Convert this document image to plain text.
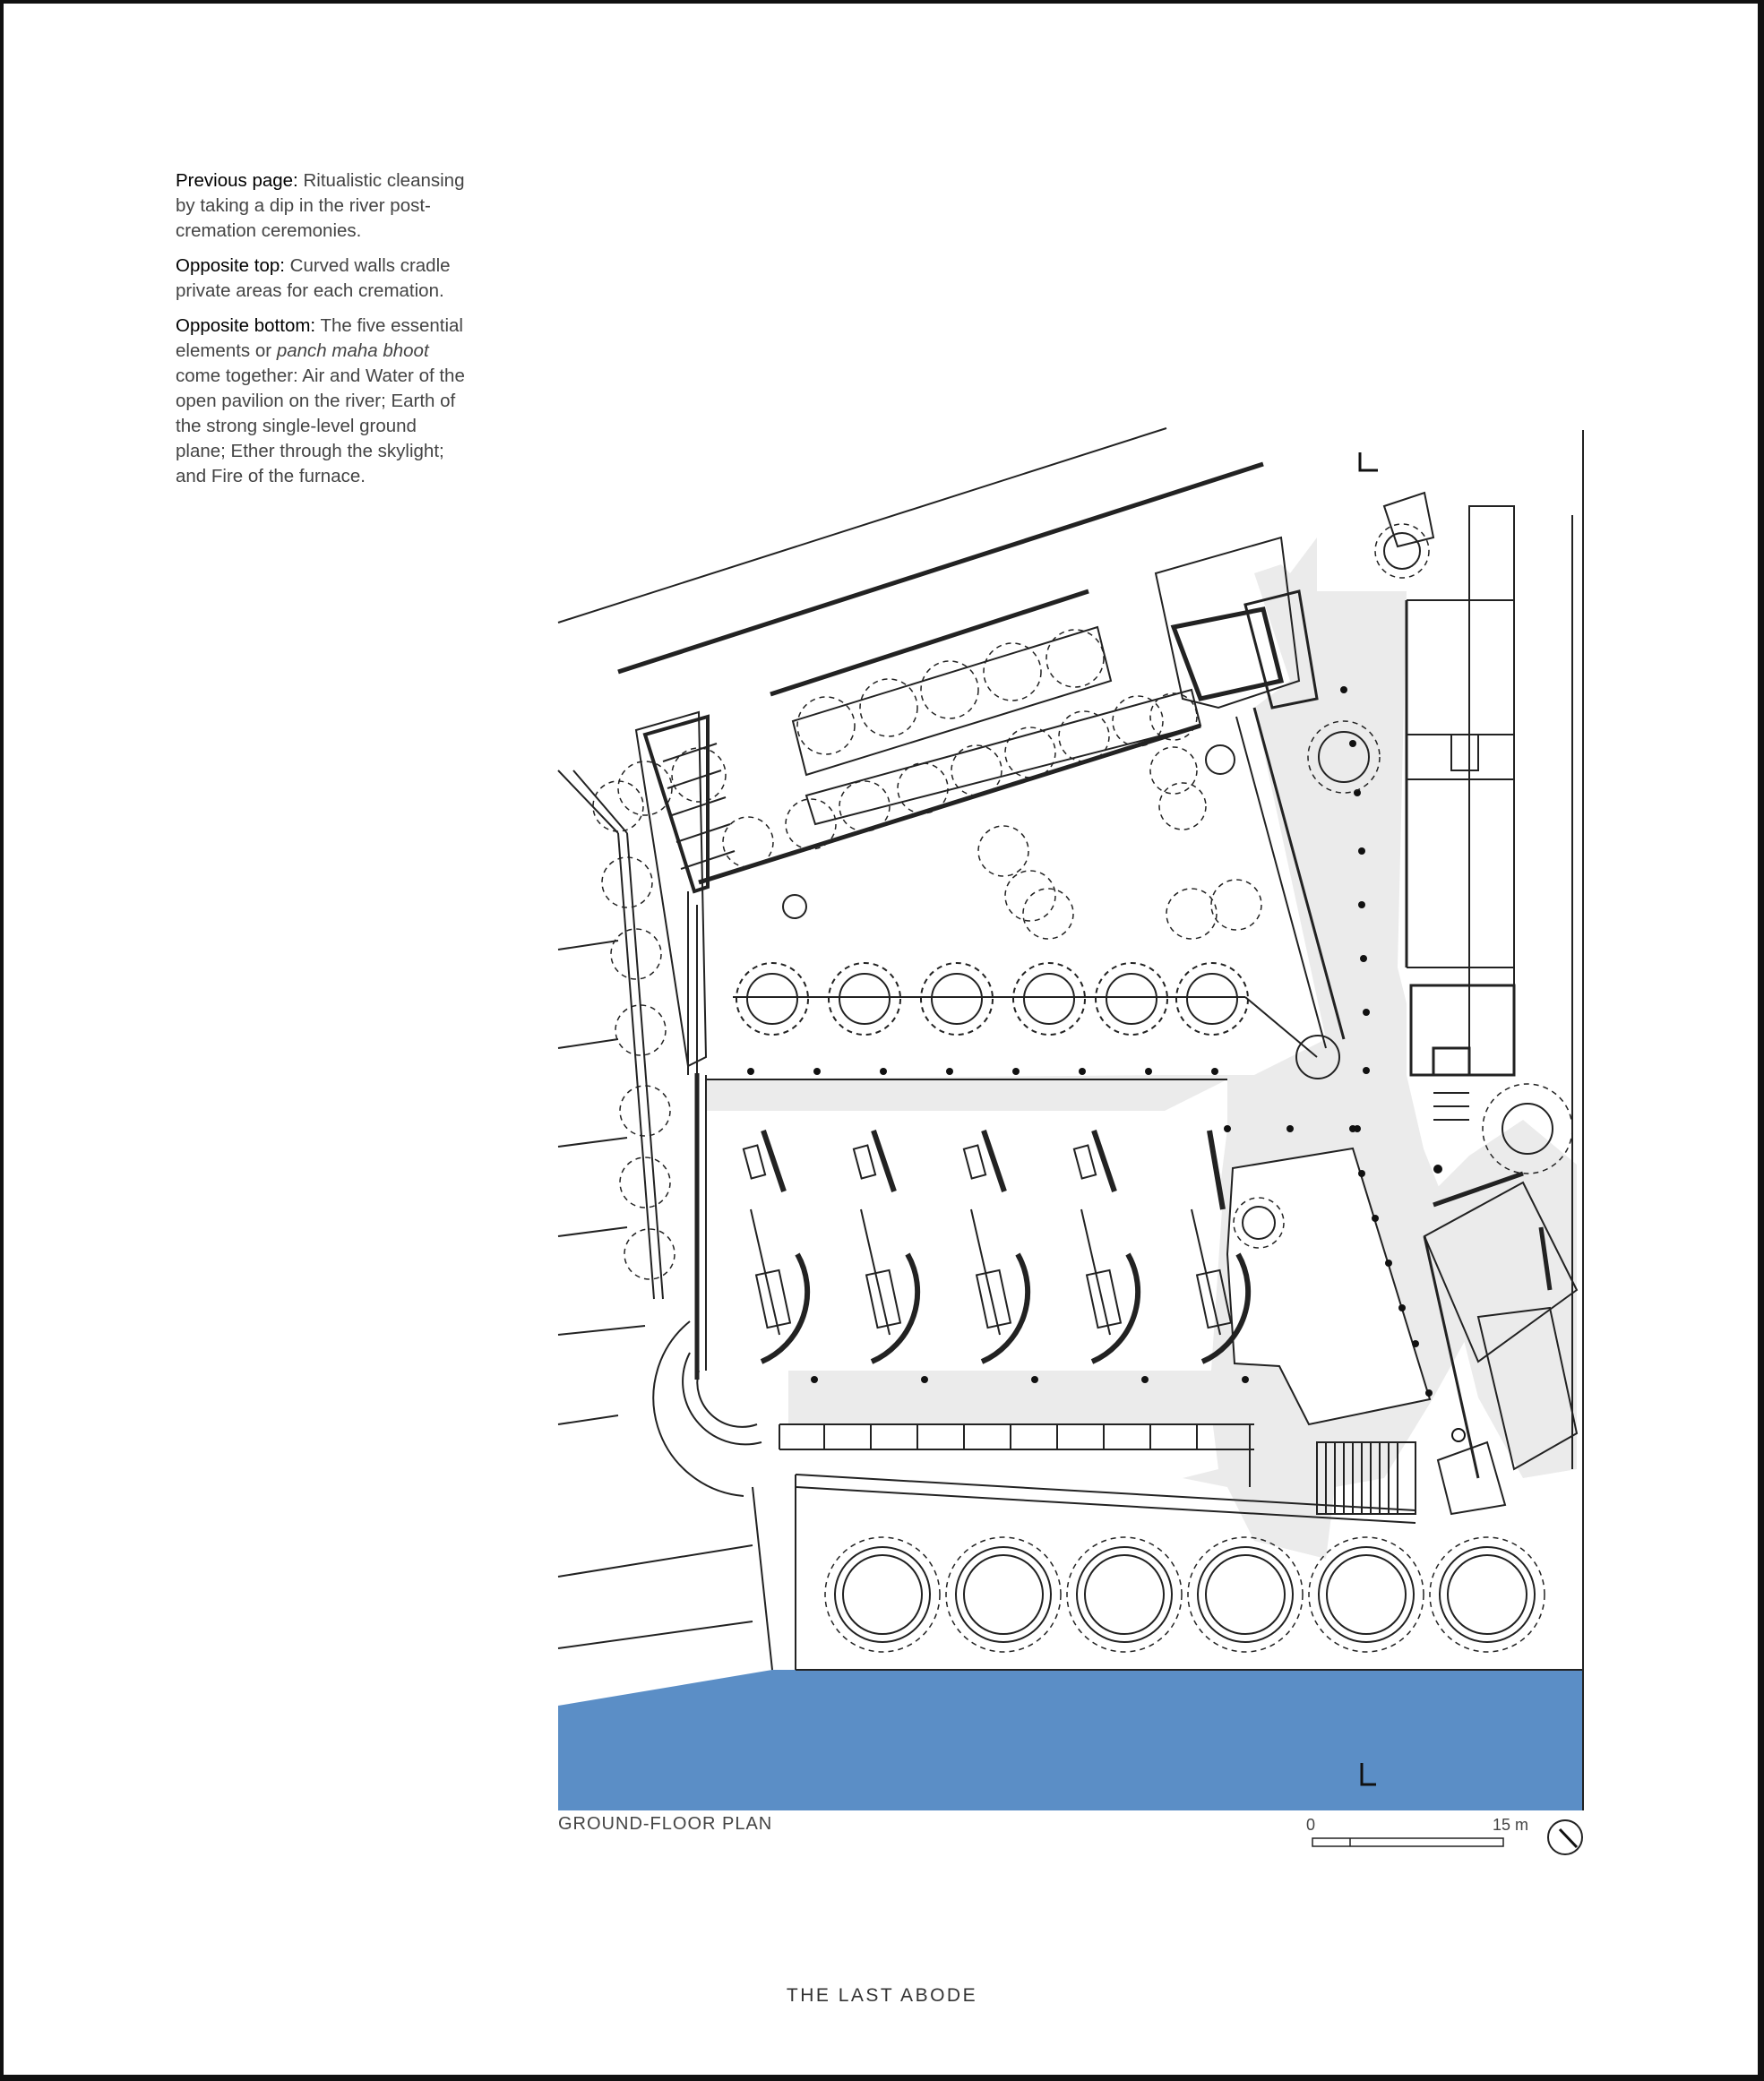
Previous page: Ritualistic cleansing by taking a dip in the river post-cremation ceremonies.

Opposite top: Curved walls cradle private areas for each cremation.

Opposite bottom: The five essential elements or panch maha bhoot come together: Air and Water of the open pavilion on the river; Earth of the strong single-level ground plane; Ether through the skylight; and Fire of the furnace.

GROUND-FLOOR PLAN	0	15 m
THE LAST ABODE
